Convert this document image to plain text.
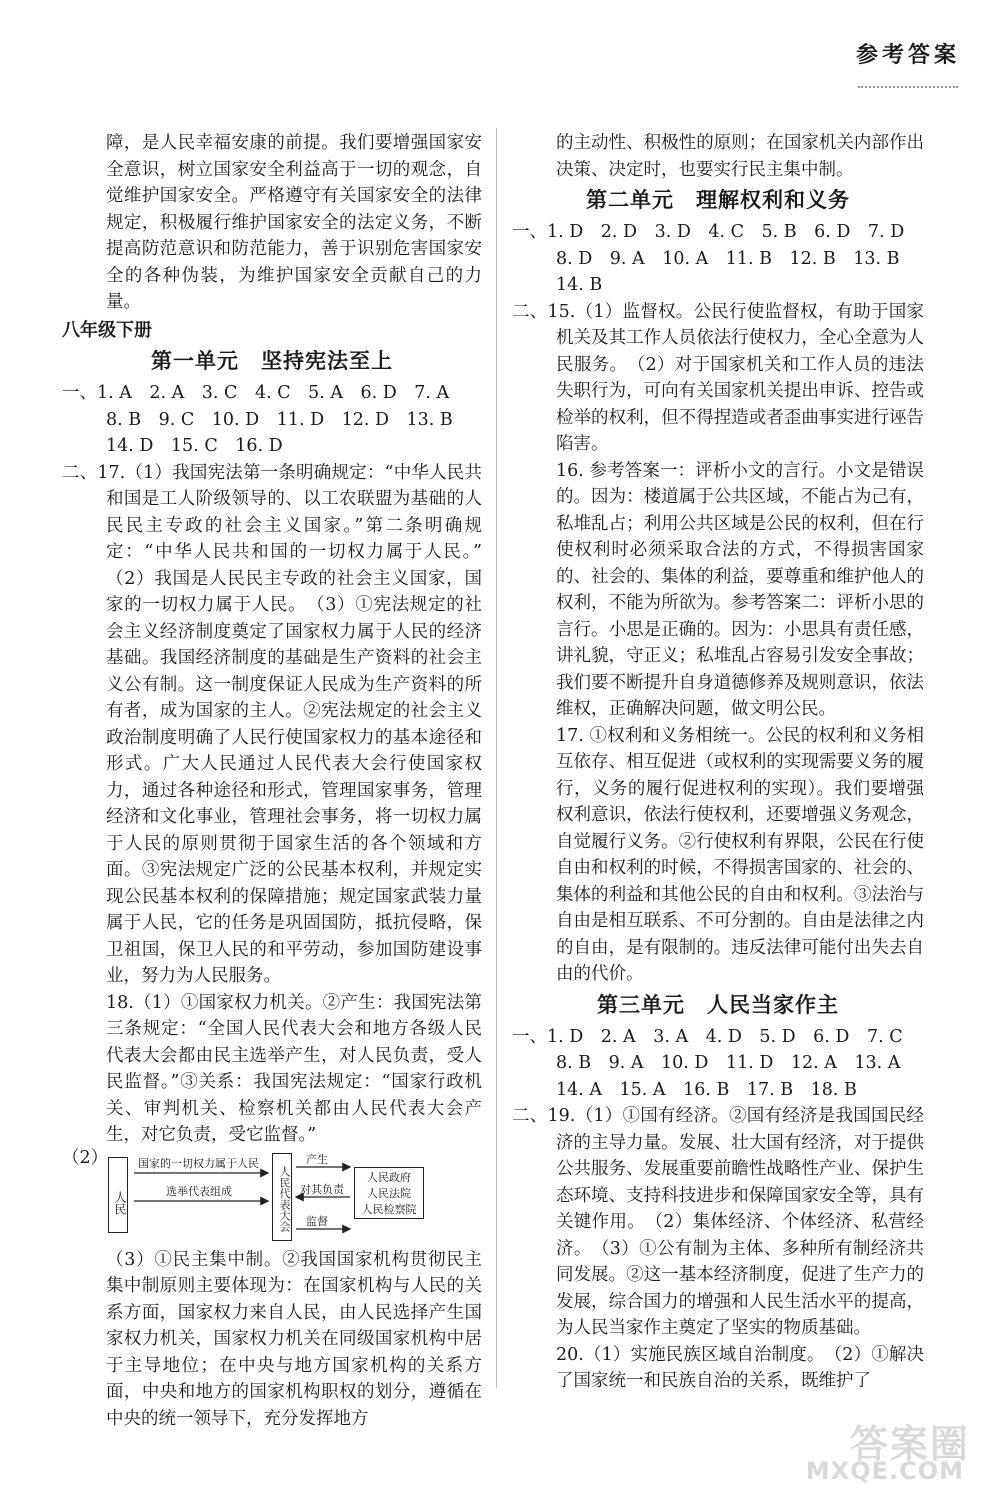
参考答案

障，是人民幸福安康的前提。我们要增强国家安全意识，树立国家安全利益高于一切的观念，自觉维护国家安全。严格遵守有关国家安全的法律规定，积极履行维护国家安全的法定义务，不断提高防范意识和防范能力，善于识别危害国家安全的各种伪装，为维护国家安全贡献自己的力量。

八年级下册

第一单元　坚持宪法至上

一、1. A　2. A　3. C　4. C　5. A　6. D　7. A

8. B　9. C　10. D　11. D　12. D　13. B

14. D　15. C　16. D

二、17.（1）我国宪法第一条明确规定：“中华人民共和国是工人阶级领导的、以工农联盟为基础的人民民主专政的社会主义国家。”第二条明确规定：“中华人民共和国的一切权力属于人民。”　（2）我国是人民民主专政的社会主义国家，国家的一切权力属于人民。　（3）①宪法规定的社会主义经济制度奠定了国家权力属于人民的经济基础。我国经济制度的基础是生产资料的社会主义公有制。这一制度保证人民成为生产资料的所有者，成为国家的主人。②宪法规定的社会主义政治制度明确了人民行使国家权力的基本途径和形式。广大人民通过人民代表大会行使国家权力，通过各种途径和形式，管理国家事务，管理经济和文化事业，管理社会事务，将一切权力属于人民的原则贯彻于国家生活的各个领域和方面。③宪法规定广泛的公民基本权利，并规定实现公民基本权利的保障措施；规定国家武装力量属于人民，它的任务是巩固国防，抵抗侵略，保卫祖国，保卫人民的和平劳动，参加国防建设事业，努力为人民服务。

18.（1）①国家权力机关。②产生：我国宪法第三条规定：“全国人民代表大会和地方各级人民代表大会都由民主选举产生，对人民负责，受人民监督。”③关系：我国宪法规定：“国家行政机关、审判机关、检察机关都由人民代表大会产生，对它负责，受它监督。”

（2）
人民
国家的一切权力属于人民
选举代表组成	人民代表大会
产生
对其负责
监督
人民政府
人民法院
人民检察院

（3）①民主集中制。②我国国家机构贯彻民主集中制原则主要体现为：在国家机构与人民的关系方面，国家权力来自人民，由人民选择产生国家权力机关，国家权力机关在同级国家机构中居于主导地位；在中央与地方国家机构的关系方面，中央和地方的国家机构职权的划分，遵循在中央的统一领导下，充分发挥地方

的主动性、积极性的原则；在国家机关内部作出决策、决定时，也要实行民主集中制。

第二单元　理解权利和义务

一、1. D　2. D　3. D　4. C　5. B　6. D　7. D

8. D　9. A　10. A　11. B　12. B　13. B

14. B

二、15.（1）监督权。公民行使监督权，有助于国家机关及其工作人员依法行使权力，全心全意为人民服务。　（2）对于国家机关和工作人员的违法失职行为，可向有关国家机关提出申诉、控告或检举的权利，但不得捏造或者歪曲事实进行诬告陷害。

16. 参考答案一：评析小文的言行。小文是错误的。因为：楼道属于公共区域，不能占为己有，私堆乱占；利用公共区域是公民的权利，但在行使权利时必须采取合法的方式，不得损害国家的、社会的、集体的利益，要尊重和维护他人的权利，不能为所欲为。参考答案二：评析小思的言行。小思是正确的。因为：小思具有责任感，讲礼貌，守正义；私堆乱占容易引发安全事故；我们要不断提升自身道德修养及规则意识，依法维权，正确解决问题，做文明公民。

17. ①权利和义务相统一。公民的权利和义务相互依存、相互促进（或权利的实现需要义务的履行，义务的履行促进权利的实现）。我们要增强权利意识，依法行使权利，还要增强义务观念，自觉履行义务。②行使权利有界限，公民在行使自由和权利的时候，不得损害国家的、社会的、集体的利益和其他公民的自由和权利。③法治与自由是相互联系、不可分割的。自由是法律之内的自由，是有限制的。违反法律可能付出失去自由的代价。

第三单元　人民当家作主

一、1. D　2. A　3. A　4. D　5. D　6. D　7. C

8. B　9. A　10. D　11. D　12. A　13. A

14. A　15. A　16. B　17. B　18. B

二、19.（1）①国有经济。②国有经济是我国国民经济的主导力量。发展、壮大国有经济，对于提供公共服务、发展重要前瞻性战略性产业、保护生态环境、支持科技进步和保障国家安全等，具有关键作用。　（2）集体经济、个体经济、私营经济。　（3）①公有制为主体、多种所有制经济共同发展。②这一基本经济制度，促进了生产力的发展，综合国力的增强和人民生活水平的提高，为人民当家作主奠定了坚实的物质基础。

20.（1）实施民族区域自治制度。　（2）①解决了国家统一和民族自治的关系，既维护了

答案圈
MXQE.COM
